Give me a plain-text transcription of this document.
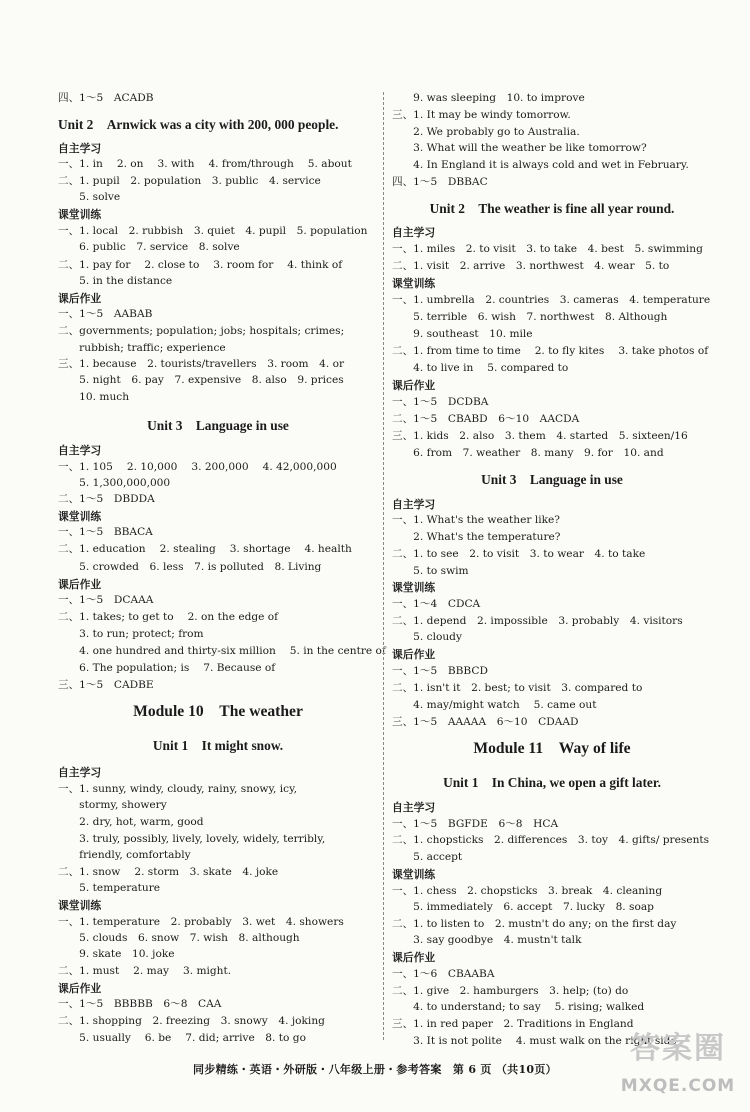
四、1～5　ACADB
Unit 2　Arnwick was a city with 200, 000 people.
自主学习
一、1. in　 2. on　 3. with　 4. from/through　 5. about
二、1. pupil　2. population　3. public　4. service
　　5. solve
课堂训练
一、1. local　2. rubbish　3. quiet　4. pupil　5. population
　　6. public　7. service　8. solve
二、1. pay for　 2. close to　 3. room for　 4. think of
　　5. in the distance
课后作业
一、1～5　AABAB
二、governments; population; jobs; hospitals; crimes;
　　rubbish; traffic; experience
三、1. because　2. tourists/travellers　3. room　4. or
　　5. night　6. pay　7. expensive　8. also　9. prices
　　10. much
Unit 3　Language in use
自主学习
一、1. 105　 2. 10,000　 3. 200,000　 4. 42,000,000
　　5. 1,300,000,000
二、1～5　DBDDA
课堂训练
一、1～5　BBACA
二、1. education　 2. stealing　 3. shortage　 4. health
　　5. crowded　6. less　7. is polluted　8. Living
课后作业
一、1～5　DCAAA
二、1. takes; to get to　 2. on the edge of
　　3. to run; protect; from
　　4. one hundred and thirty-six million　 5. in the centre of
　　6. The population; is　 7. Because of
三、1～5　CADBE
Module 10　The weather
Unit 1　It might snow.
自主学习
一、1. sunny, windy, cloudy, rainy, snowy, icy,
　　stormy, showery
　　2. dry, hot, warm, good
　　3. truly, possibly, lively, lovely, widely, terribly,
　　friendly, comfortably
二、1. snow　 2. storm　3. skate　4. joke
　　5. temperature
课堂训练
一、1. temperature　2. probably　3. wet　4. showers
　　5. clouds　6. snow　7. wish　8. although
　　9. skate　10. joke
二、1. must　 2. may　 3. might.
课后作业
一、1～5　BBBBB　6～8　CAA
二、1. shopping　2. freezing　3. snowy　4. joking
　　5. usually　 6. be　 7. did; arrive　8. to go
　　9. was sleeping　10. to improve
三、1. It may be windy tomorrow.
　　2. We probably go to Australia.
　　3. What will the weather be like tomorrow?
　　4. In England it is always cold and wet in February.
四、1～5　DBBAC
Unit 2　The weather is fine all year round.
自主学习
一、1. miles　2. to visit　3. to take　4. best　5. swimming
二、1. visit　2. arrive　3. northwest　4. wear　5. to
课堂训练
一、1. umbrella　2. countries　3. cameras　4. temperature
　　5. terrible　6. wish　7. northwest　8. Although
　　9. southeast　10. mile
二、1. from time to time　 2. to fly kites　 3. take photos of
　　4. to live in　 5. compared to
课后作业
一、1～5　DCDBA
二、1～5　CBABD　6～10　AACDA
三、1. kids　2. also　3. them　4. started　5. sixteen/16
　　6. from　7. weather　8. many　9. for　10. and
Unit 3　Language in use
自主学习
一、1. What's the weather like?
　　2. What's the temperature?
二、1. to see　2. to visit　3. to wear　4. to take
　　5. to swim
课堂训练
一、1～4　CDCA
二、1. depend　2. impossible　3. probably　4. visitors
　　5. cloudy
课后作业
一、1～5　BBBCD
二、1. isn't it　2. best; to visit　3. compared to
　　4. may/might watch　 5. came out
三、1～5　AAAAA　6～10　CDAAD
Module 11　Way of life
Unit 1　In China, we open a gift later.
自主学习
一、1～5　BGFDE　6～8　HCA
二、1. chopsticks　2. differences　3. toy　4. gifts/ presents
　　5. accept
课堂训练
一、1. chess　2. chopsticks　3. break　4. cleaning
　　5. immediately　6. accept　7. lucky　8. soap
二、1. to listen to　2. mustn't do any; on the first day
　　3. say goodbye　4. mustn't talk
课后作业
一、1～6　CBAABA
二、1. give　2. hamburgers　3. help; (to) do
　　4. to understand; to say　 5. rising; walked
三、1. in red paper　2. Traditions in England
　　3. It is not polite　 4. must walk on the right side
同步精练・英语・外研版・八年级上册・参考答案　第 6 页 （共10页）
答案圈
MXQE.COM
